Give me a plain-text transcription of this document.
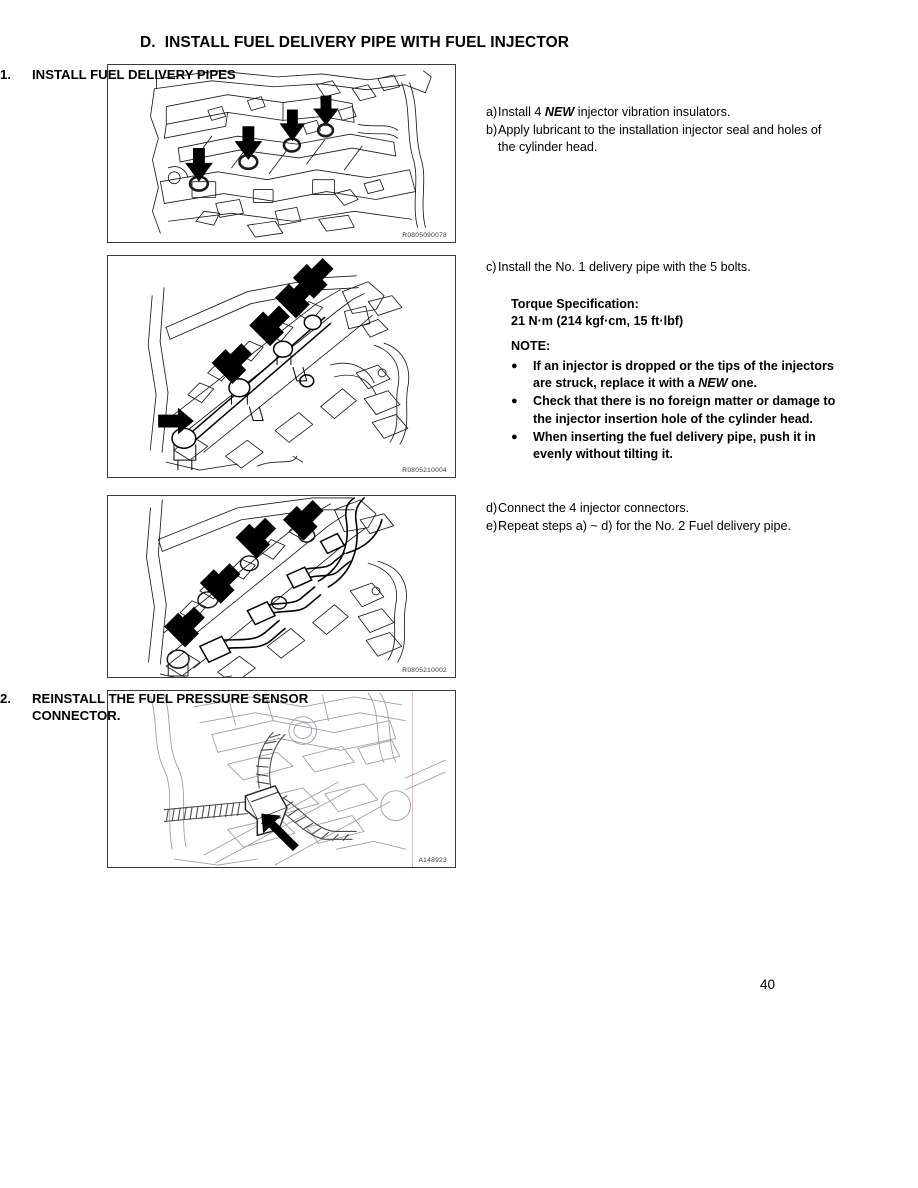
D. INSTALL FUEL DELIVERY PIPE WITH FUEL INJECTOR
R0805090078
R0805210004
R0805210002
A148923
1.	INSTALL FUEL DELIVERY PIPES
a) Install 4 NEW injector vibration insulators.
b) Apply lubricant to the installation injector seal and holes of the cylinder head.
c) Install the No. 1 delivery pipe with the 5 bolts.
Torque Specification:
21 N·m (214 kgf·cm, 15 ft·lbf)
NOTE:
●	If an injector is dropped or the tips of the injectors are struck, replace it with a NEW one.
●	Check that there is no foreign matter or damage to the injector insertion hole of the cylinder head.
●	When inserting the fuel delivery pipe, push it in evenly without tilting it.
d) Connect the 4 injector connectors.
e) Repeat steps a) ~ d) for the No. 2 Fuel delivery pipe.
2.	REINSTALL THE FUEL PRESSURE SENSOR CONNECTOR.
40
